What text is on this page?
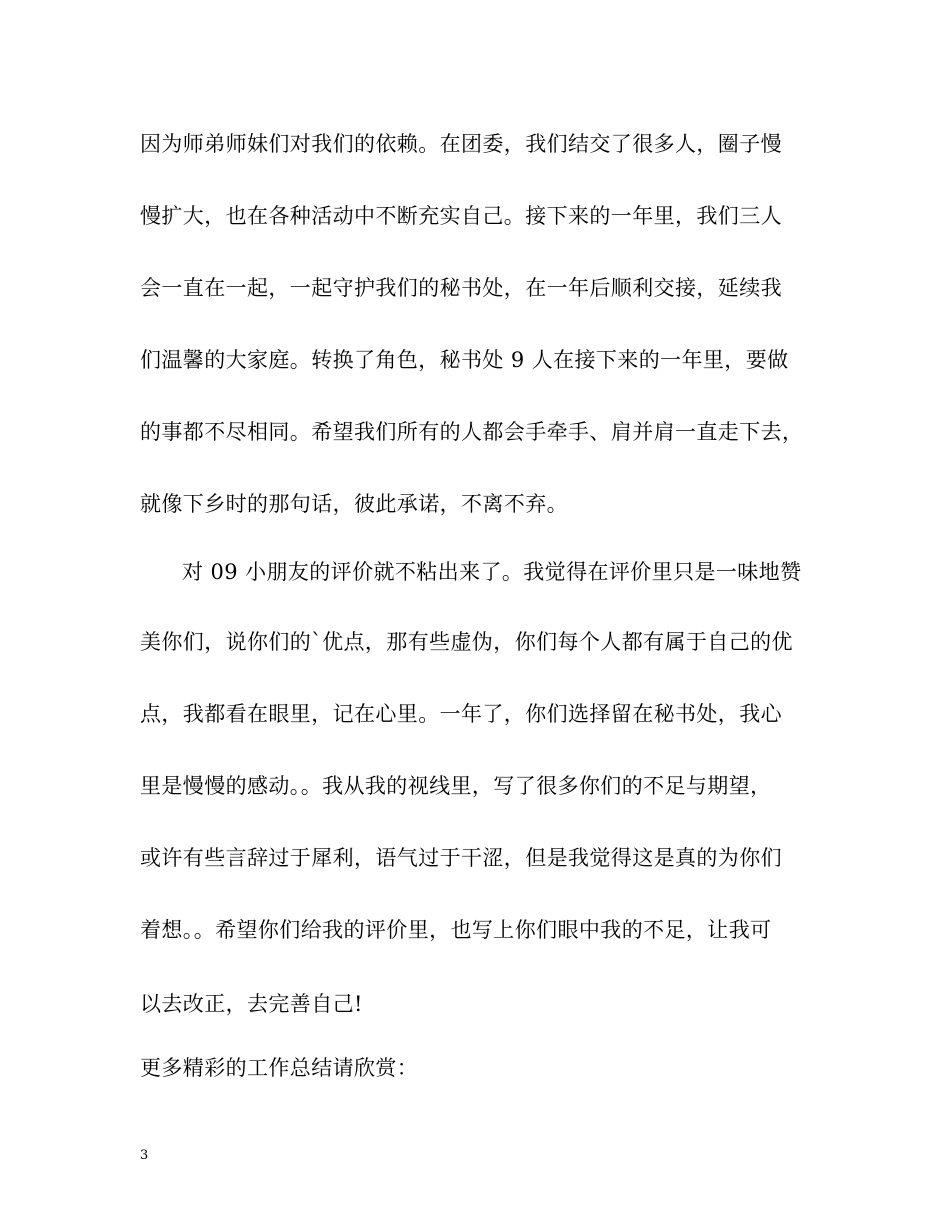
因为师弟师妹们对我们的依赖。在团委，我们结交了很多人，圈子慢
慢扩大，也在各种活动中不断充实自己。接下来的一年里，我们三人
会一直在一起，一起守护我们的秘书处，在一年后顺利交接，延续我
们温馨的大家庭。转换了角色，秘书处 9 人在接下来的一年里，要做
的事都不尽相同。希望我们所有的人都会手牵手、肩并肩一直走下去，
就像下乡时的那句话，彼此承诺，不离不弃。
对 09 小朋友的评价就不粘出来了。我觉得在评价里只是一味地赞
美你们，说你们的`优点，那有些虚伪，你们每个人都有属于自己的优
点，我都看在眼里，记在心里。一年了，你们选择留在秘书处，我心
里是慢慢的感动。。我从我的视线里，写了很多你们的不足与期望，
或许有些言辞过于犀利，语气过于干涩，但是我觉得这是真的为你们
着想。。希望你们给我的评价里，也写上你们眼中我的不足，让我可
以去改正，去完善自己!
更多精彩的工作总结请欣赏：
3
